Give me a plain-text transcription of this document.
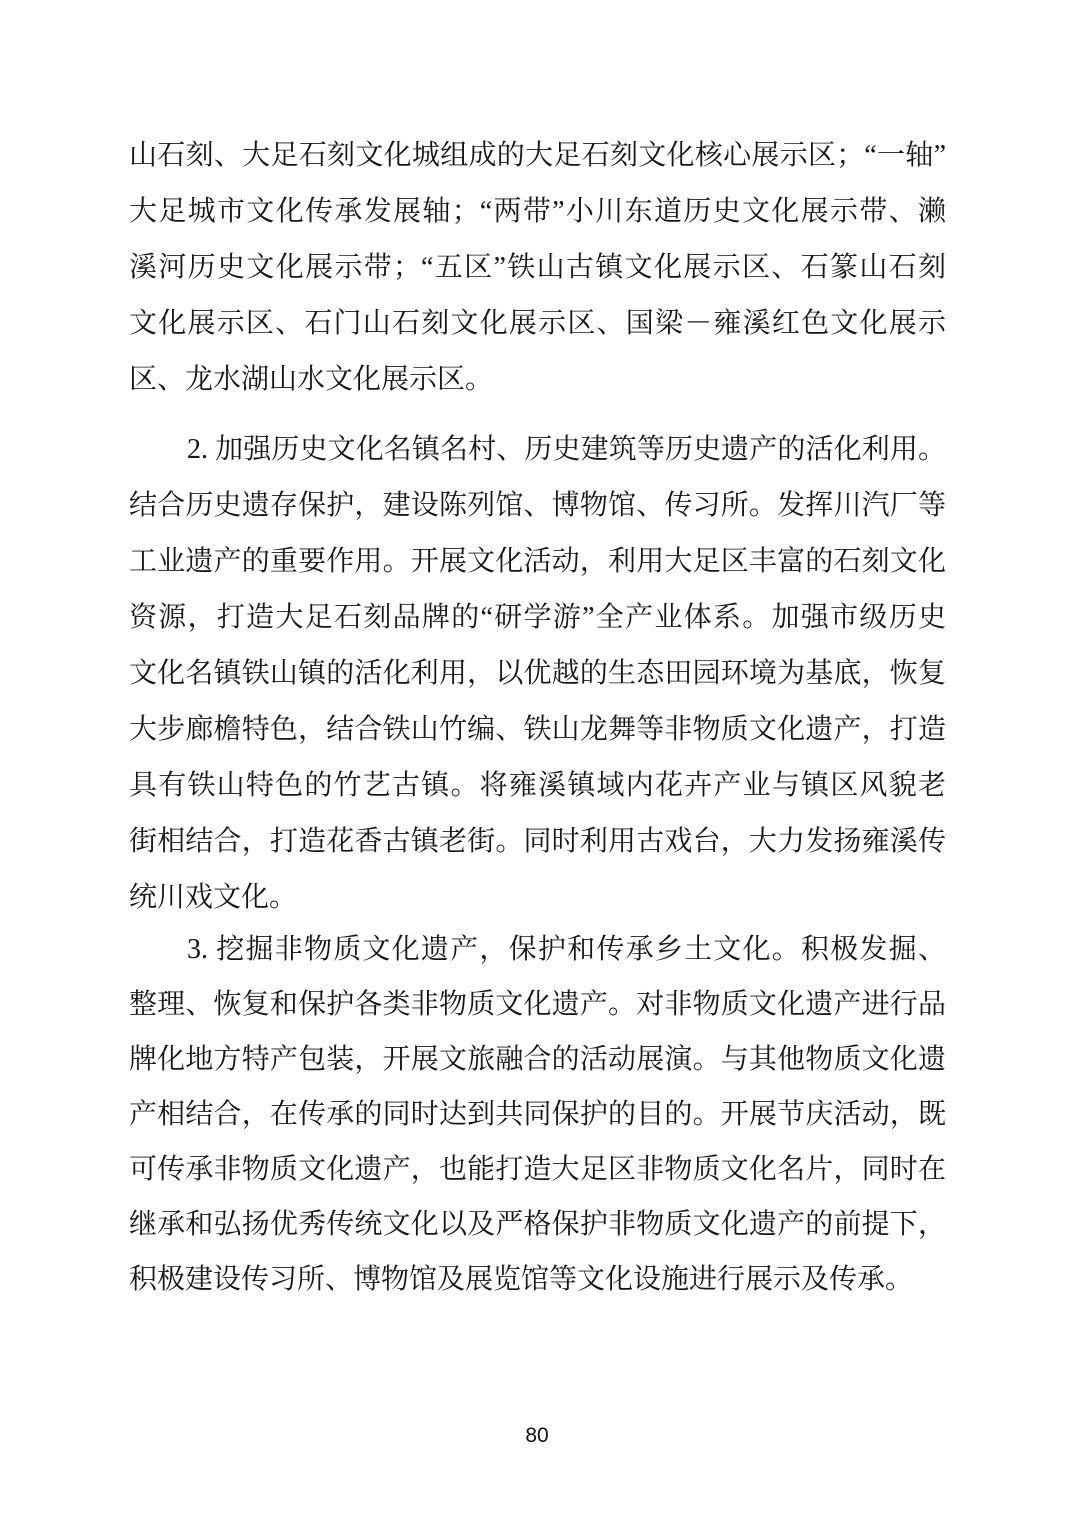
山石刻、大足石刻文化城组成的大足石刻文化核心展示区；“一轴”
大足城市文化传承发展轴；“两带”小川东道历史文化展示带、濑
溪河历史文化展示带；“五区”铁山古镇文化展示区、石篆山石刻
文化展示区、石门山石刻文化展示区、国梁－雍溪红色文化展示
区、龙水湖山水文化展示区。
2. 加强历史文化名镇名村、历史建筑等历史遗产的活化利用。
结合历史遗存保护，建设陈列馆、博物馆、传习所。发挥川汽厂等
工业遗产的重要作用。开展文化活动，利用大足区丰富的石刻文化
资源，打造大足石刻品牌的“研学游”全产业体系。加强市级历史
文化名镇铁山镇的活化利用，以优越的生态田园环境为基底，恢复
大步廊檐特色，结合铁山竹编、铁山龙舞等非物质文化遗产，打造
具有铁山特色的竹艺古镇。将雍溪镇域内花卉产业与镇区风貌老
街相结合，打造花香古镇老街。同时利用古戏台，大力发扬雍溪传
统川戏文化。
3. 挖掘非物质文化遗产，保护和传承乡土文化。积极发掘、
整理、恢复和保护各类非物质文化遗产。对非物质文化遗产进行品
牌化地方特产包装，开展文旅融合的活动展演。与其他物质文化遗
产相结合，在传承的同时达到共同保护的目的。开展节庆活动，既
可传承非物质文化遗产，也能打造大足区非物质文化名片，同时在
继承和弘扬优秀传统文化以及严格保护非物质文化遗产的前提下，
积极建设传习所、博物馆及展览馆等文化设施进行展示及传承。
80
